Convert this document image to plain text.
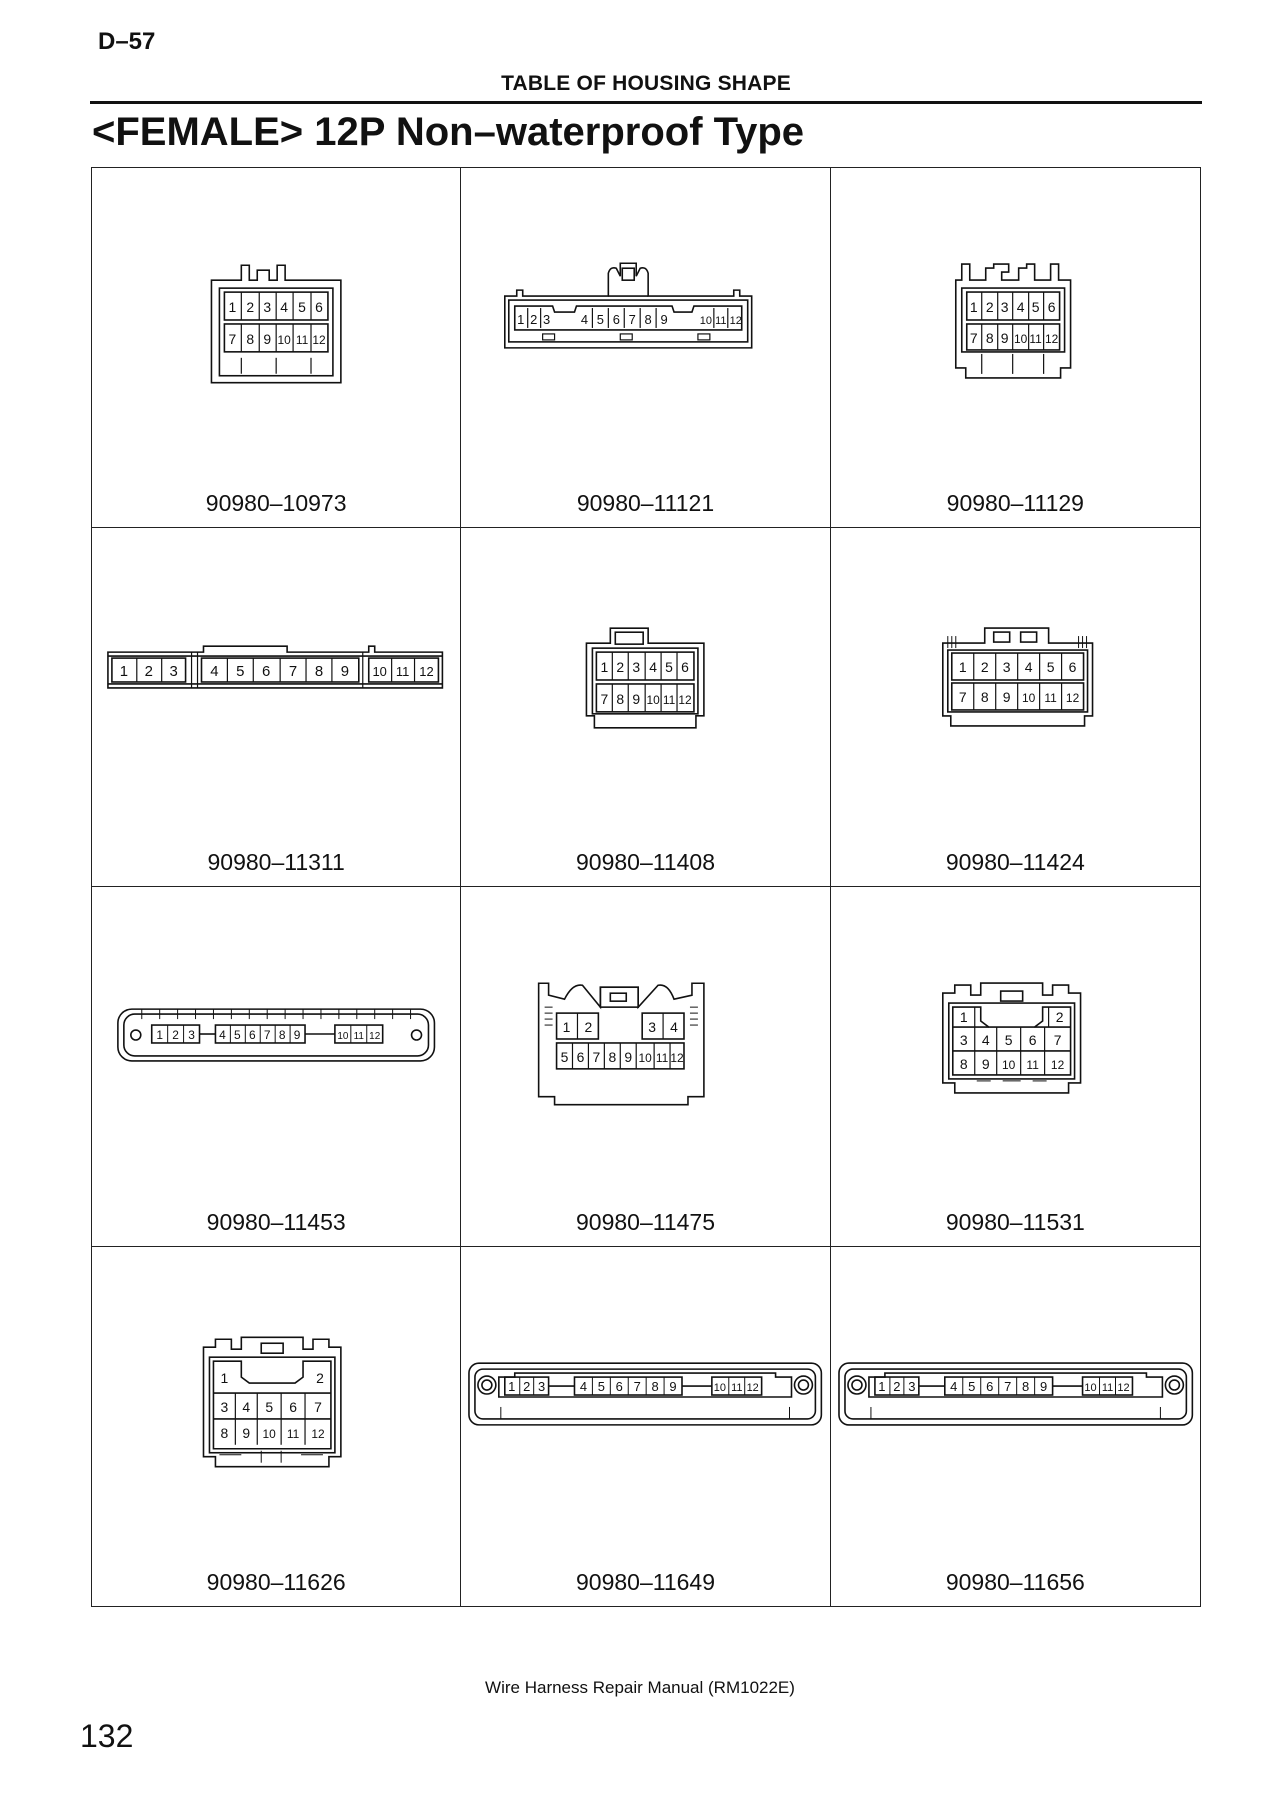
D–57
TABLE OF HOUSING SHAPE
<FEMALE> 12P Non–waterproof Type
1 2 3 4 5 6
7 8 9 10 11 12
90980–10973
1 2 3 4 5 6 7 8 9	10 11 12
90980–11121
1 2 3 4 5 6
7 8 9 10 11 12
90980–11129
1 2 3 4 5 6 7 8 9 10 11 12
90980–11311
1 2 3 4 5 6
7 8 9 10 11 12
90980–11408
1 2 3 4 5 6
7 8 9 10 11 12
90980–11424
1 2 3 4 5 6 7 8 9	10 11 12
90980–11453
1 2	3 4
5 6 7 8 9 10 11 12
90980–11475
1	2
3 4 5 6 7
8 9 10 11 12
90980–11531
1	2
3 4 5 6 7
8 9 10 11 12
90980–11626
1 2 3	4 5 6 7 8 9	10 11 12
90980–11649
1 2 3	4 5 6 7 8 9	10 11 12
90980–11656
Wire Harness Repair Manual (RM1022E)
132
